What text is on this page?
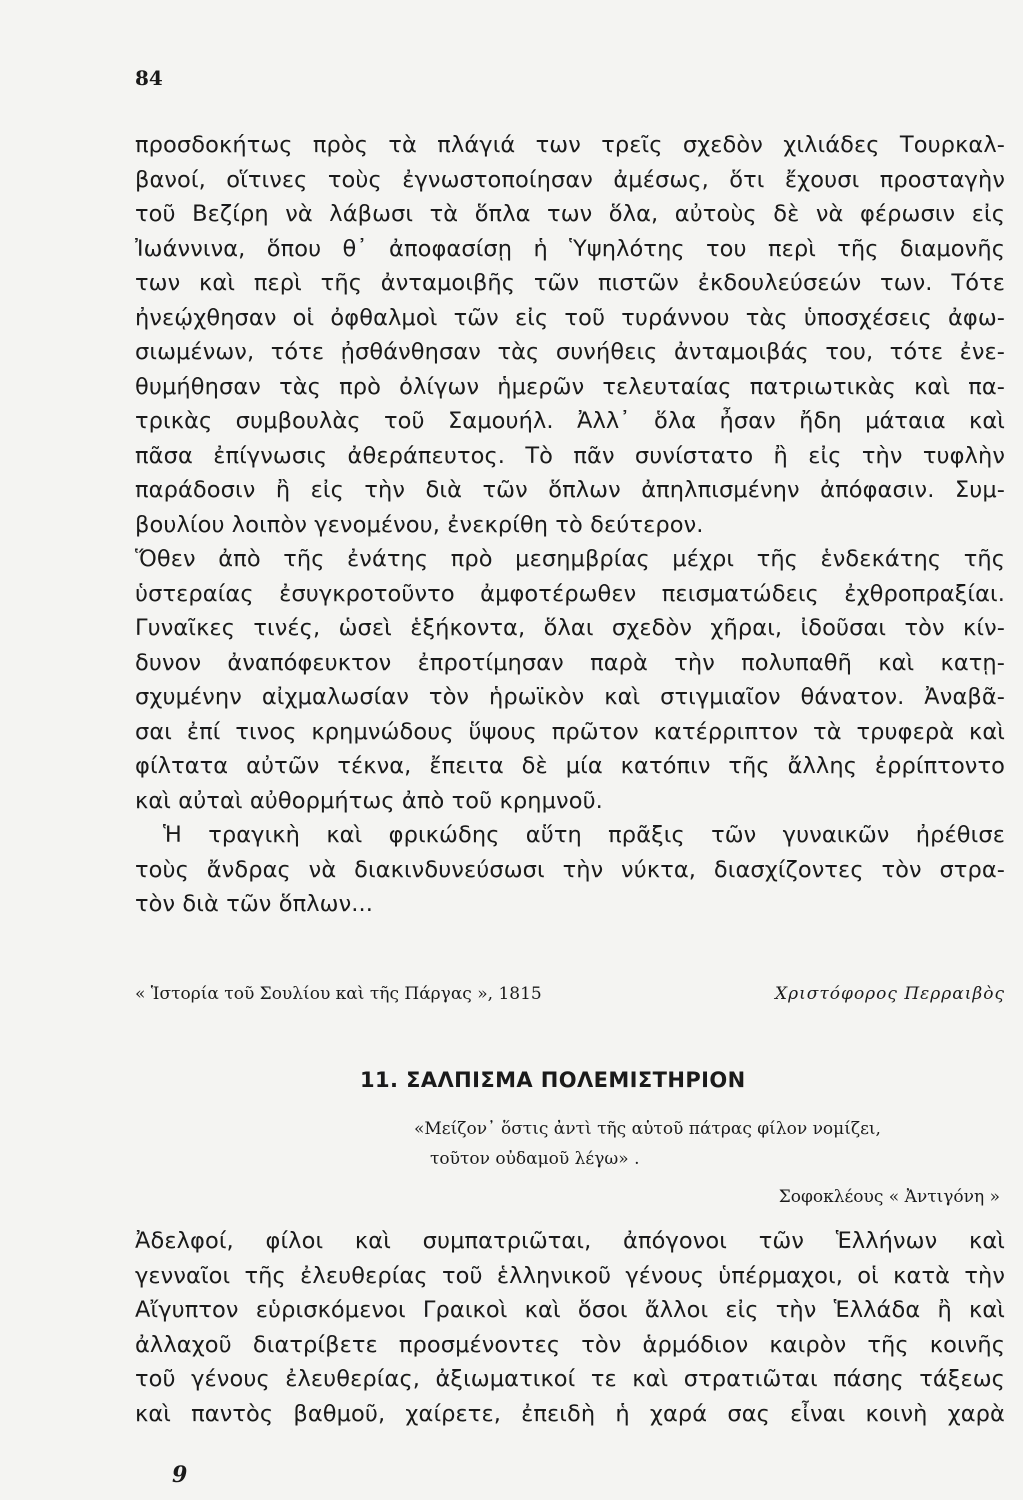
84
προσδοκήτως πρὸς τὰ πλάγιά των τρεῖς σχεδὸν χιλιάδες Τουρκαλ-
βανοί, οἵτινες τοὺς ἐγνωστοποίησαν ἀμέσως, ὅτι ἔχουσι προσταγὴν
τοῦ Βεζίρη νὰ λάβωσι τὰ ὅπλα των ὅλα, αὐτοὺς δὲ νὰ φέρωσιν εἰς
Ἰωάννινα, ὅπου θ᾽ ἀποφασίσῃ ἡ Ὑψηλότης του περὶ τῆς διαμονῆς
των καὶ περὶ τῆς ἀνταμοιβῆς τῶν πιστῶν ἐκδουλεύσεών των. Τότε
ἠνεῴχθησαν οἱ ὀφθαλμοὶ τῶν εἰς τοῦ τυράννου τὰς ὑποσχέσεις ἀφω-
σιωμένων, τότε ᾐσθάνθησαν τὰς συνήθεις ἀνταμοιβάς του, τότε ἐνε-
θυμήθησαν τὰς πρὸ ὀλίγων ἡμερῶν τελευταίας πατριωτικὰς καὶ πα-
τρικὰς συμβουλὰς τοῦ Σαμουήλ. Ἀλλ᾽ ὅλα ἦσαν ἤδη μάταια καὶ
πᾶσα ἐπίγνωσις ἀθεράπευτος. Τὸ πᾶν συνίστατο ἢ εἰς τὴν τυφλὴν
παράδοσιν ἢ εἰς τὴν διὰ τῶν ὅπλων ἀπηλπισμένην ἀπόφασιν. Συμ-
βουλίου λοιπὸν γενομένου, ἐνεκρίθη τὸ δεύτερον.
Ὅθεν ἀπὸ τῆς ἐνάτης πρὸ μεσημβρίας μέχρι τῆς ἑνδεκάτης τῆς
ὑστεραίας ἐσυγκροτοῦντο ἀμφοτέρωθεν πεισματώδεις ἐχθροπραξίαι.
Γυναῖκες τινές, ὡσεὶ ἑξήκοντα, ὅλαι σχεδὸν χῆραι, ἰδοῦσαι τὸν κίν-
δυνον ἀναπόφευκτον ἐπροτίμησαν παρὰ τὴν πολυπαθῆ καὶ κατῃ-
σχυμένην αἰχμαλωσίαν τὸν ἡρωϊκὸν καὶ στιγμιαῖον θάνατον. Ἀναβᾶ-
σαι ἐπί τινος κρημνώδους ὕψους πρῶτον κατέρριπτον τὰ τρυφερὰ καὶ
φίλτατα αὐτῶν τέκνα, ἔπειτα δὲ μία κατόπιν τῆς ἄλλης ἐρρίπτοντο
καὶ αὐταὶ αὐθορμήτως ἀπὸ τοῦ κρημνοῦ.
Ἡ τραγικὴ καὶ φρικώδης αὕτη πρᾶξις τῶν γυναικῶν ἠρέθισε
τοὺς ἄνδρας νὰ διακινδυνεύσωσι τὴν νύκτα, διασχίζοντες τὸν στρα-
τὸν διὰ τῶν ὅπλων...
« Ἱστορία τοῦ Σουλίου καὶ τῆς Πάργας », 1815	Χριστόφορος Περραιβὸς
11. ΣΑΛΠΙΣΜΑ ΠΟΛΕΜΙΣΤΗΡΙΟΝ
«Μείζον᾽ ὅστις ἀντὶ τῆς αὑτοῦ πάτρας φίλον νομίζει,
τοῦτον οὐδαμοῦ λέγω» .
Σοφοκλέους « Ἀντιγόνη »
Ἀδελφοί, φίλοι καὶ συμπατριῶται, ἀπόγονοι τῶν Ἑλλήνων καὶ
γενναῖοι τῆς ἐλευθερίας τοῦ ἑλληνικοῦ γένους ὑπέρμαχοι, οἱ κατὰ τὴν
Αἴγυπτον εὑρισκόμενοι Γραικοὶ καὶ ὅσοι ἄλλοι εἰς τὴν Ἑλλάδα ἢ καὶ
ἀλλαχοῦ διατρίβετε προσμένοντες τὸν ἁρμόδιον καιρὸν τῆς κοινῆς
τοῦ γένους ἐλευθερίας, ἀξιωματικοί τε καὶ στρατιῶται πάσης τάξεως
καὶ παντὸς βαθμοῦ, χαίρετε, ἐπειδὴ ἡ χαρά σας εἶναι κοινὴ χαρὰ
9
